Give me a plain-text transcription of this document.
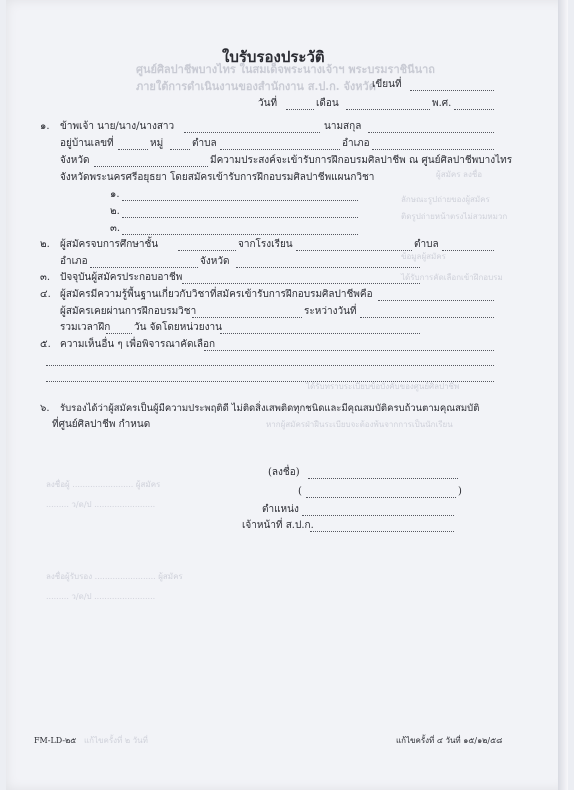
ศูนย์ศิลปาชีพบางไทร ในสมเด็จพระนางเจ้าฯ พระบรมราชินีนาถ
ภายใต้การดำเนินงานของสำนักงาน ส.ป.ก. จังหวัด
ผู้สมัคร ลงชื่อ
ลักษณะรูปถ่ายของผู้สมัคร
ติดรูปถ่ายหน้าตรงไม่สวมหมวก
ข้อมูลผู้สมัคร
ได้รับการคัดเลือกเข้าฝึกอบรม
ได้รับทราบระเบียบข้อบังคับของศูนย์ศิลปาชีพ
หากผู้สมัครฝ่าฝืนระเบียบจะต้องพ้นจากการเป็นนักเรียน
ลงชื่อผู้ ........................ ผู้สมัคร
......... ว/ด/ป ........................
ลงชื่อผู้รับรอง ........................ ผู้สมัคร
......... ว/ด/ป ........................
ใบรับรองประวัติ
เขียนที่
วันที่	เดือน	พ.ศ.
๑. ข้าพเจ้า นาย/นาง/นางสาว	นามสกุล
อยู่บ้านเลขที่	หมู่	ตำบล	อำเภอ
จังหวัด	มีความประสงค์จะเข้ารับการฝึกอบรมศิลปาชีพ ณ ศูนย์ศิลปาชีพบางไทร
จังหวัดพระนครศรีอยุธยา โดยสมัครเข้ารับการฝึกอบรมศิลปาชีพแผนกวิชา
๑.
๒.
๓.
๒. ผู้สมัครจบการศึกษาชั้น	จากโรงเรียน	ตำบล
อำเภอ	จังหวัด
๓. ปัจจุบันผู้สมัครประกอบอาชีพ
๔. ผู้สมัครมีความรู้พื้นฐานเกี่ยวกับวิชาที่สมัครเข้ารับการฝึกอบรมศิลปาชีพคือ
ผู้สมัครเคยผ่านการฝึกอบรมวิชา	ระหว่างวันที่
รวมเวลาฝึก วัน จัดโดยหน่วยงาน
๕. ความเห็นอื่น ๆ เพื่อพิจารณาคัดเลือก
๖. รับรองได้ว่าผู้สมัครเป็นผู้มีความประพฤติดี ไม่ติดสิ่งเสพติดทุกชนิดและมีคุณสมบัติครบถ้วนตามคุณสมบัติ
ที่ศูนย์ศิลปาชีพ กำหนด
(ลงชื่อ)
(	)
ตำแหน่ง
เจ้าหน้าที่ ส.ป.ก.
FM-LD-๒๕ แก้ไขครั้งที่ ๒ วันที่	แก้ไขครั้งที่ ๔ วันที่ ๑๕/๑๒/๕๘
